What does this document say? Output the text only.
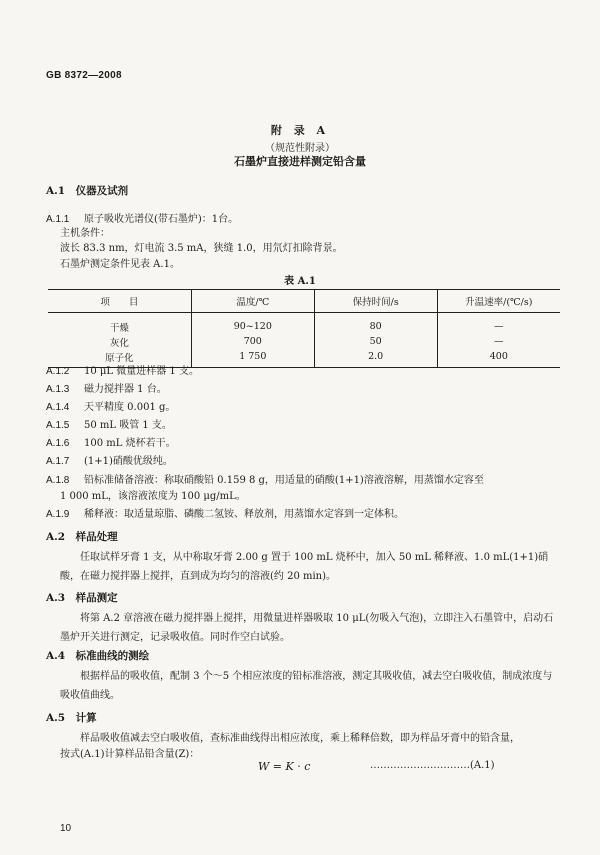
GB 8372—2008
附 录 A
（规范性附录）
石墨炉直接进样测定铅含量
A.1　仪器及试剂
A.1.1 原子吸收光谱仪(带石墨炉)：1台。
主机条件：
波长 83.3 nm，灯电流 3.5 mA，狭缝 1.0，用氘灯扣除背景。
石墨炉测定条件见表 A.1。
表 A.1
项　　目	温度/℃	保持时间/s	升温速率/(℃/s)
干燥	90~120	80	—
灰化	700	50	—
原子化	1 750	2.0	400
A.1.2 10 μL 微量进样器 1 支。
A.1.3 磁力搅拌器 1 台。
A.1.4 天平精度 0.001 g。
A.1.5 50 mL 吸管 1 支。
A.1.6 100 mL 烧杯若干。
A.1.7 (1+1)硝酸优级纯。
A.1.8 铅标准储备溶液：称取硝酸铅 0.159 8 g，用适量的硝酸(1+1)溶液溶解，用蒸馏水定容至
1 000 mL，该溶液浓度为 100 μg/mL。
A.1.9 稀释液：取适量琼脂、磷酸二氢铵、释放剂，用蒸馏水定容到一定体积。
A.2　样品处理
任取试样牙膏 1 支，从中称取牙膏 2.00 g 置于 100 mL 烧杯中，加入 50 mL 稀释液、1.0 mL(1+1)硝酸，在磁力搅拌器上搅拌，直到成为均匀的溶液(约 20 min)。
A.3　样品测定
将第 A.2 章溶液在磁力搅拌器上搅拌，用微量进样器吸取 10 μL(勿吸入气泡)，立即注入石墨管中，启动石墨炉开关进行测定，记录吸收值。同时作空白试验。
A.4　标准曲线的测绘
根据样品的吸收值，配制 3 个～5 个相应浓度的铅标准溶液，测定其吸收值，减去空白吸收值，制成浓度与吸收值曲线。
A.5　计算
样品吸收值减去空白吸收值，查标准曲线得出相应浓度，乘上稀释倍数，即为样品牙膏中的铅含量，
按式(A.1)计算样品铅含量(Z)：
W = K · c	…………………………(A.1)
10
